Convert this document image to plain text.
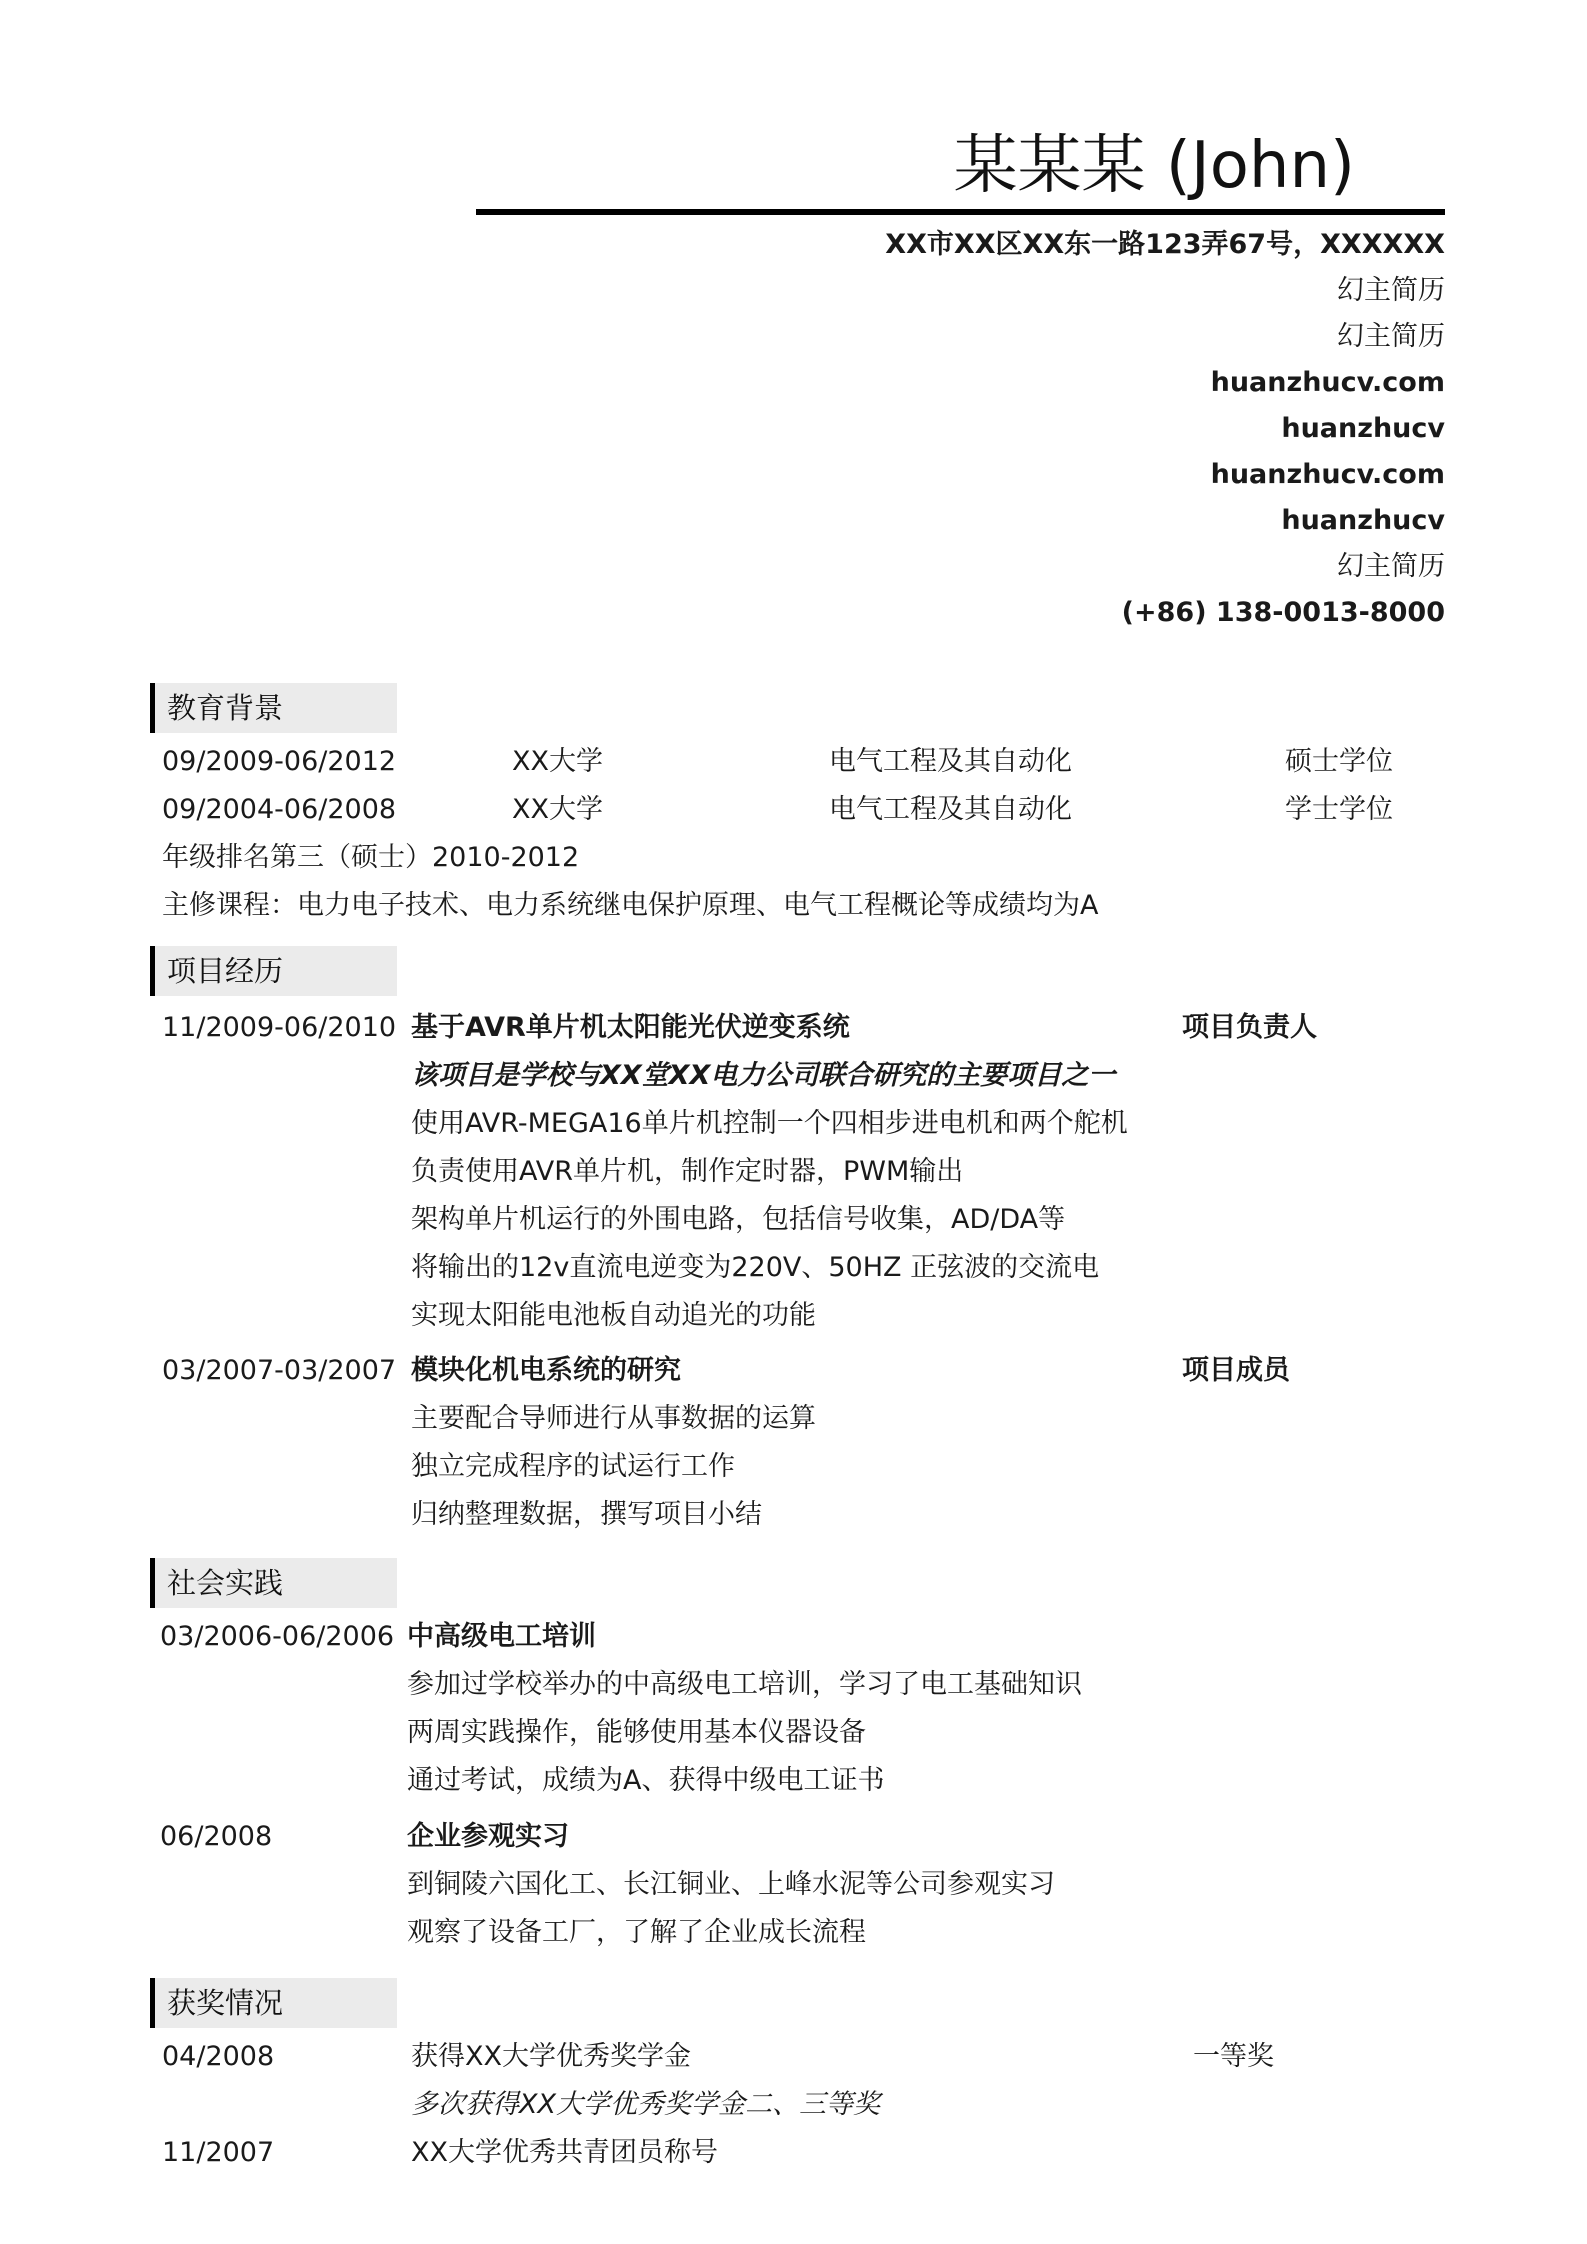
某某某 (John)
XX市XX区XX东一路123弄67号，XXXXXX
幻主简历
幻主简历
huanzhucv.com
huanzhucv
huanzhucv.com
huanzhucv
幻主简历
(+86) 138-0013-8000
教育背景
09/2009-06/2012	XX大学	电气工程及其自动化	硕士学位
09/2004-06/2008	XX大学	电气工程及其自动化	学士学位
年级排名第三（硕士）2010-2012
主修课程：电力电子技术、电力系统继电保护原理、电气工程概论等成绩均为A
项目经历
11/2009-06/2010 基于AVR单片机太阳能光伏逆变系统	项目负责人
该项目是学校与XX堂XX电力公司联合研究的主要项目之一
使用AVR-MEGA16单片机控制一个四相步进电机和两个舵机
负责使用AVR单片机，制作定时器，PWM输出
架构单片机运行的外围电路，包括信号收集，AD/DA等
将输出的12v直流电逆变为220V、50HZ 正弦波的交流电
实现太阳能电池板自动追光的功能
03/2007-03/2007 模块化机电系统的研究	项目成员
主要配合导师进行从事数据的运算
独立完成程序的试运行工作
归纳整理数据，撰写项目小结
社会实践
03/2006-06/2006 中高级电工培训
参加过学校举办的中高级电工培训，学习了电工基础知识
两周实践操作，能够使用基本仪器设备
通过考试，成绩为A、获得中级电工证书
06/2008	企业参观实习
到铜陵六国化工、长江铜业、上峰水泥等公司参观实习
观察了设备工厂，了解了企业成长流程
获奖情况
04/2008	获得XX大学优秀奖学金	一等奖
多次获得XX大学优秀奖学金二、三等奖
11/2007	XX大学优秀共青团员称号
